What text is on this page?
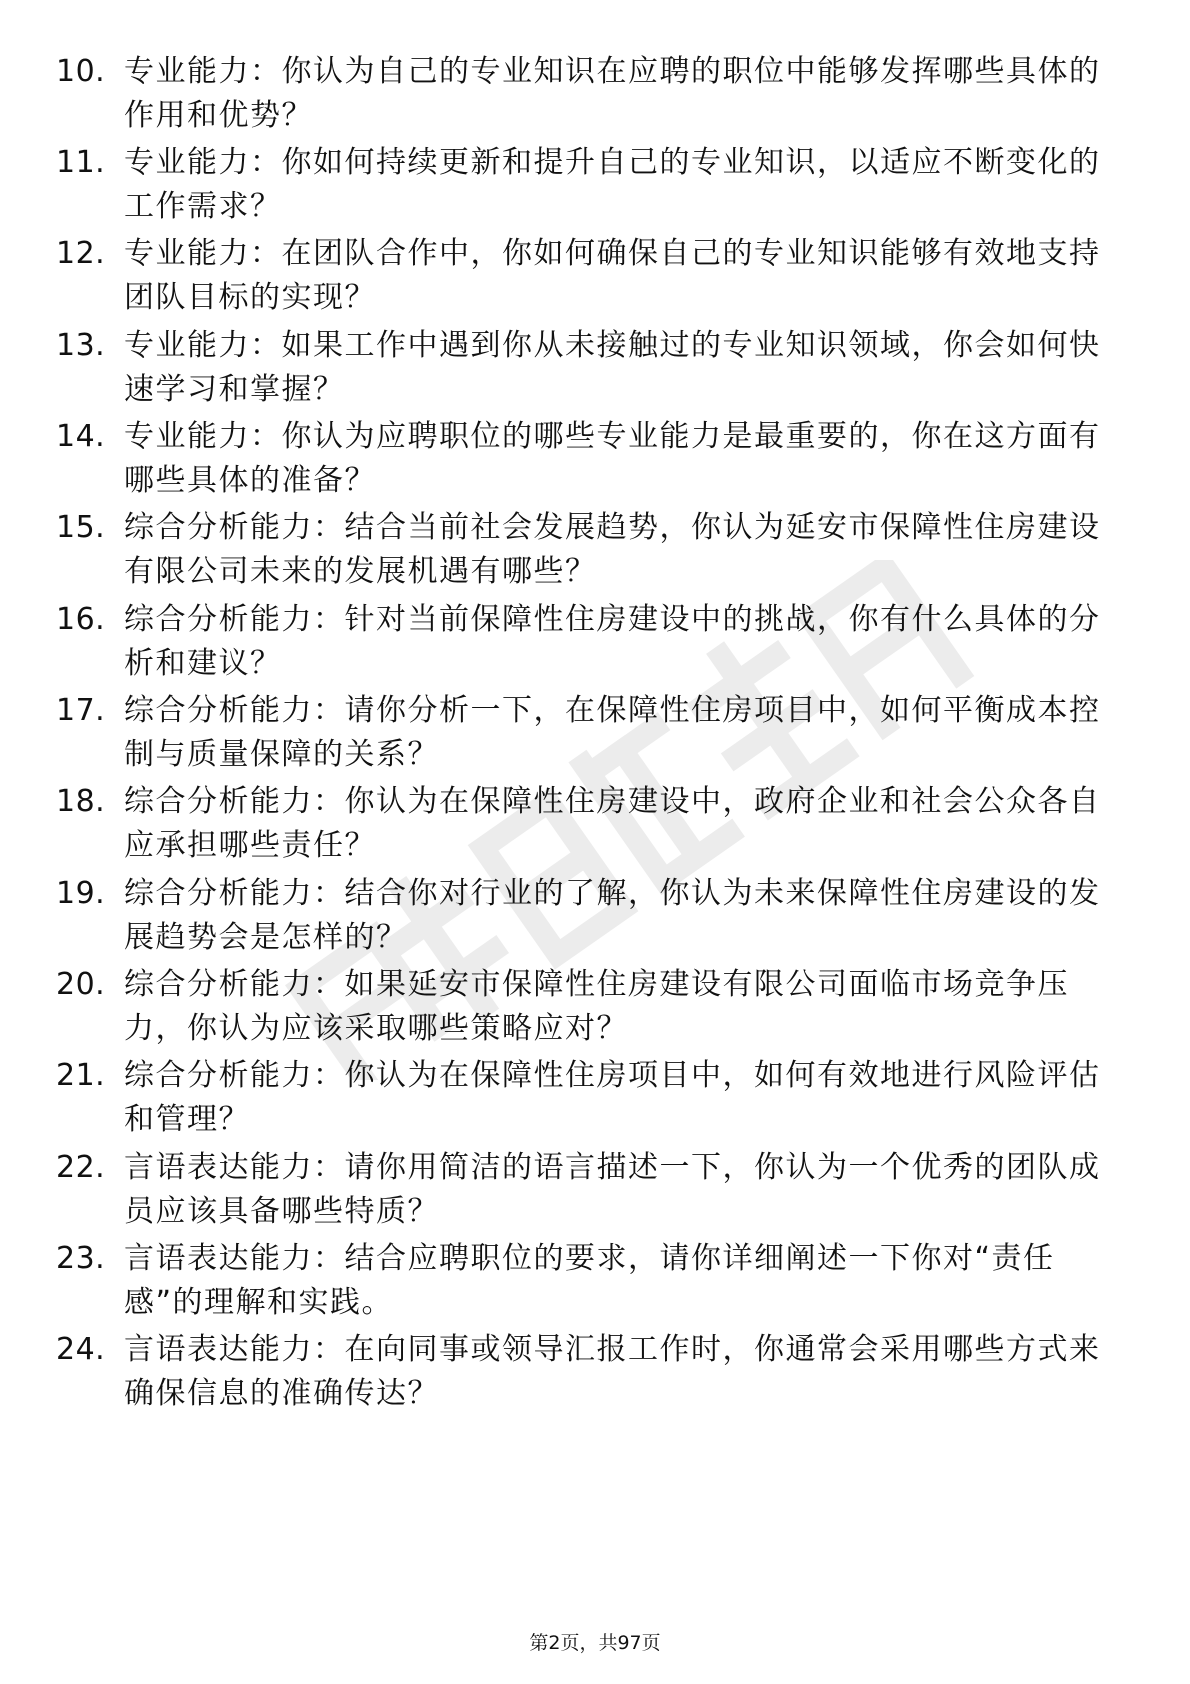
10. 专业能力：你认为自己的专业知识在应聘的职位中能够发挥哪些具体的作用和优势？
11. 专业能力：你如何持续更新和提升自己的专业知识，以适应不断变化的工作需求？
12. 专业能力：在团队合作中，你如何确保自己的专业知识能够有效地支持团队目标的实现？
13. 专业能力：如果工作中遇到你从未接触过的专业知识领域，你会如何快速学习和掌握？
14. 专业能力：你认为应聘职位的哪些专业能力是最重要的，你在这方面有哪些具体的准备？
15. 综合分析能力：结合当前社会发展趋势，你认为延安市保障性住房建设有限公司未来的发展机遇有哪些？
16. 综合分析能力：针对当前保障性住房建设中的挑战，你有什么具体的分析和建议？
17. 综合分析能力：请你分析一下，在保障性住房项目中，如何平衡成本控制与质量保障的关系？
18. 综合分析能力：你认为在保障性住房建设中，政府企业和社会公众各自应承担哪些责任？
19. 综合分析能力：结合你对行业的了解，你认为未来保障性住房建设的发展趋势会是怎样的？
20. 综合分析能力：如果延安市保障性住房建设有限公司面临市场竞争压力，你认为应该采取哪些策略应对？
21. 综合分析能力：你认为在保障性住房项目中，如何有效地进行风险评估和管理？
22. 言语表达能力：请你用简洁的语言描述一下，你认为一个优秀的团队成员应该具备哪些特质？
23. 言语表达能力：结合应聘职位的要求，请你详细阐述一下你对“责任感”的理解和实践。
24. 言语表达能力：在向同事或领导汇报工作时，你通常会采用哪些方式来确保信息的准确传达？
第2页，共97页
